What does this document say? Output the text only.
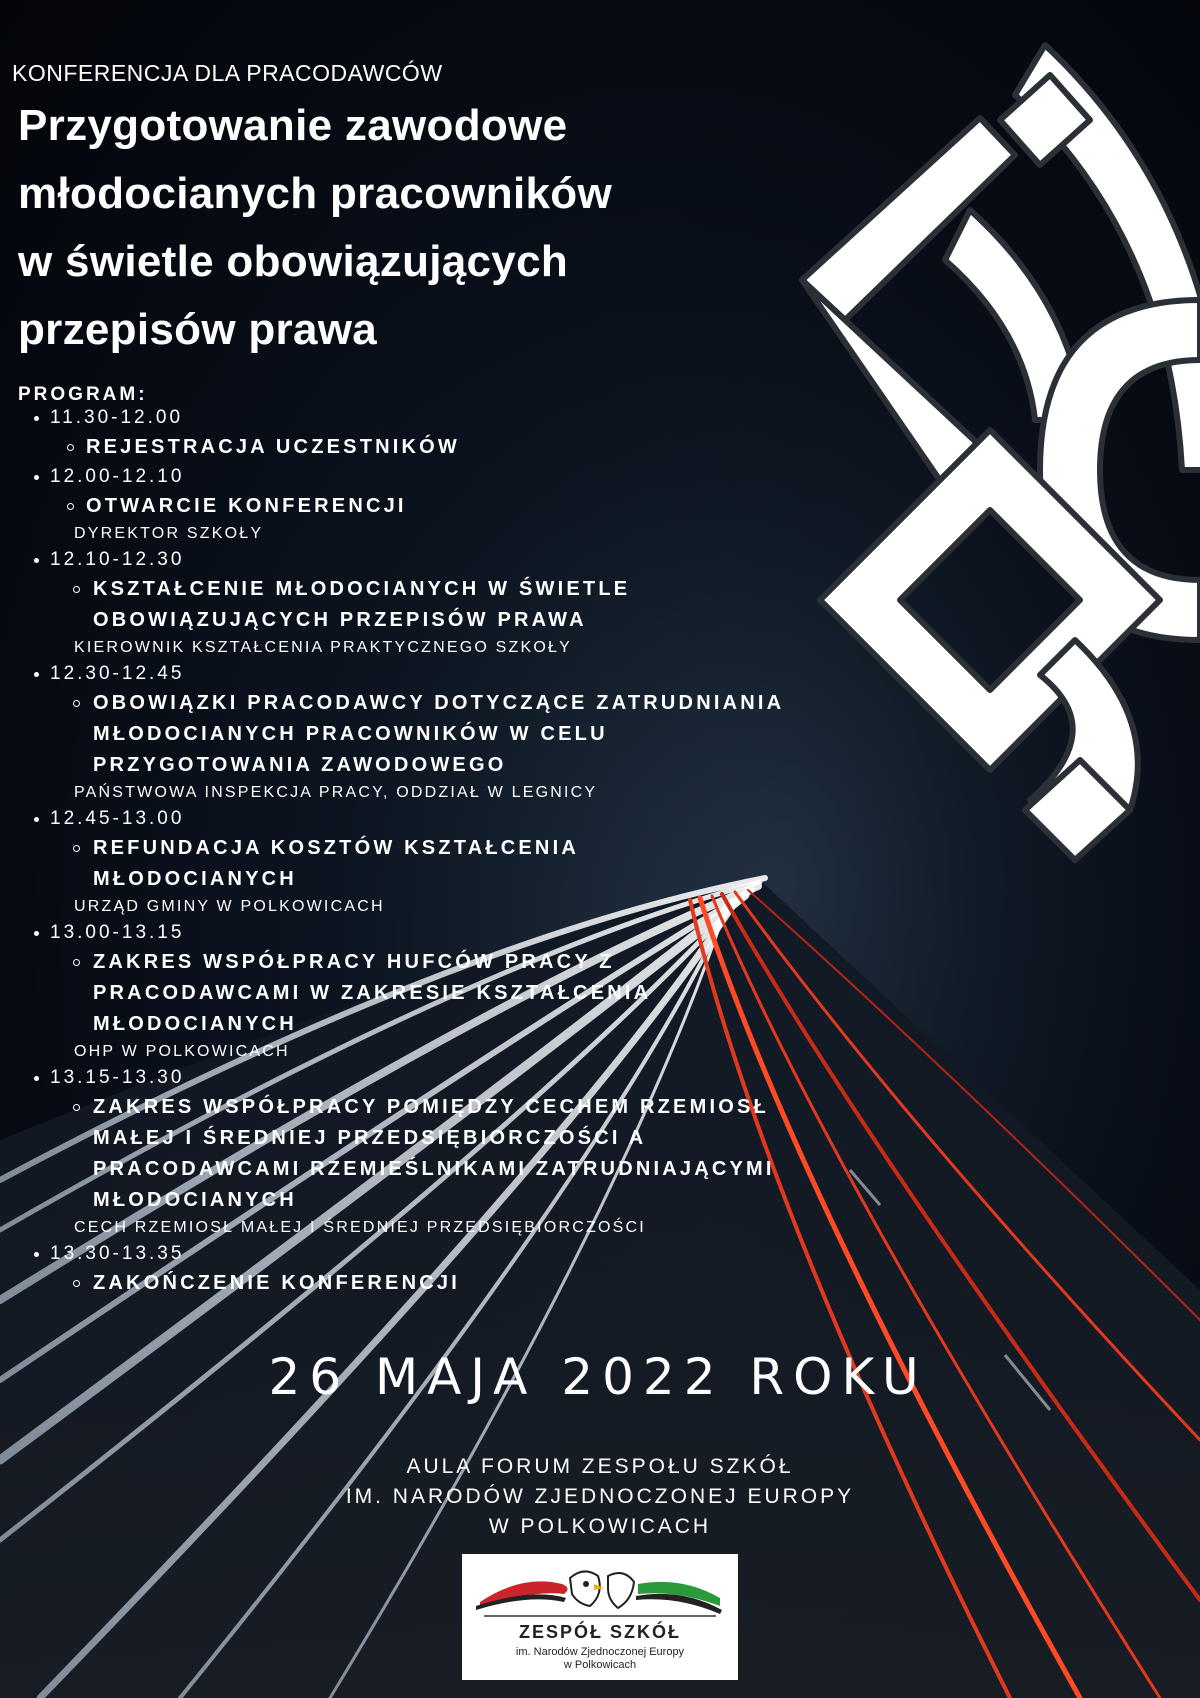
KONFERENCJA DLA PRACODAWCÓW
Przygotowanie zawodowe
młodocianych pracowników
w świetle obowiązujących
przepisów prawa
PROGRAM:
11.30-12.00
REJESTRACJA UCZESTNIKÓW
12.00-12.10
OTWARCIE KONFERENCJI
DYREKTOR SZKOŁY
12.10-12.30
KSZTAŁCENIE MŁODOCIANYCH W ŚWIETLE OBOWIĄZUJĄCYCH PRZEPISÓW PRAWA
KIEROWNIK KSZTAŁCENIA PRAKTYCZNEGO SZKOŁY
12.30-12.45
OBOWIĄZKI PRACODAWCY DOTYCZĄCE ZATRUDNIANIA MŁODOCIANYCH PRACOWNIKÓW W CELU PRZYGOTOWANIA ZAWODOWEGO
PAŃSTWOWA INSPEKCJA PRACY, ODDZIAŁ W LEGNICY
12.45-13.00
REFUNDACJA KOSZTÓW KSZTAŁCENIA MŁODOCIANYCH
URZĄD GMINY W POLKOWICACH
13.00-13.15
ZAKRES WSPÓŁPRACY HUFCÓW PRACY Z PRACODAWCAMI W ZAKRESIE KSZTAŁCENIA MŁODOCIANYCH
OHP W POLKOWICACH
13.15-13.30
ZAKRES WSPÓŁPRACY POMIĘDZY CECHEM RZEMIOSŁ MAŁEJ I ŚREDNIEJ PRZEDSIĘBIORCZOŚCI A PRACODAWCAMI RZEMIEŚLNIKAMI ZATRUDNIAJĄCYMI MŁODOCIANYCH
CECH RZEMIOSŁ MAŁEJ I ŚREDNIEJ PRZEDSIĘBIORCZOŚCI
13.30-13.35
ZAKOŃCZENIE KONFERENCJI
26 MAJA 2022 ROKU
AULA FORUM ZESPOŁU SZKÓŁ
IM. NARODÓW ZJEDNOCZONEJ EUROPY
W POLKOWICACH
ZESPÓŁ SZKÓŁ
im. Narodów Zjednoczonej Europy
w Polkowicach
